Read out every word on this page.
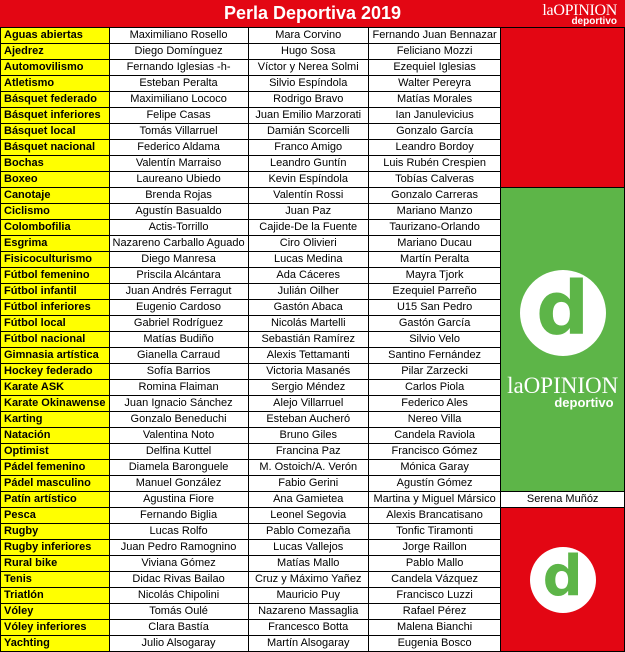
Perla Deportiva 2019	laOPINION
deportivo
Aguas abiertas	Maximiliano Rosello	Mara Corvino	Fernando Juan Bennazar	
Ajedrez	Diego Domínguez	Hugo Sosa	Feliciano Mozzi	
Automovilismo	Fernando Iglesias -h-	Víctor y Nerea Solmi	Ezequiel Iglesias	
Atletismo	Esteban Peralta	Silvio Espíndola	Walter Pereyra	
Básquet federado	Maximiliano Lococo	Rodrigo Bravo	Matías Morales	
Básquet inferiores	Felipe Casas	Juan Emilio Marzorati	Ian Janulevicius	
Básquet local	Tomás Villarruel	Damián Scorcelli	Gonzalo García	
Básquet nacional	Federico Aldama	Franco Amigo	Leandro Bordoy	
Bochas	Valentín Marraiso	Leandro Guntín	Luis Rubén Crespien	
Boxeo	Laureano Ubiedo	Kevin Espíndola	Tobías Calveras	
Canotaje	Brenda Rojas	Valentín Rossi	Gonzalo Carreras	d
laOPINION
deportivo

Ciclismo	Agustín Basualdo	Juan Paz	Mariano Manzo	
Colombofilia	Actis-Torrillo	Cajide-De la Fuente	Taurizano-Orlando	
Esgrima	Nazareno Carballo Aguado	Ciro Olivieri	Mariano Ducau	
Fisicoculturismo	Diego Manresa	Lucas Medina	Martín Peralta	
Fútbol femenino	Priscila Alcántara	Ada Cáceres	Mayra Tjork	
Fútbol infantil	Juan Andrés Ferragut	Julián Oilher	Ezequiel Parreño	
Fútbol inferiores	Eugenio Cardoso	Gastón Abaca	U15 San Pedro	
Fútbol local	Gabriel Rodríguez	Nicolás Martelli	Gastón García	
Fútbol nacional	Matías Budiño	Sebastián Ramírez	Silvio Velo	
Gimnasia artística	Gianella Carraud	Alexis Tettamanti	Santino Fernández	
Hockey federado	Sofía Barrios	Victoria Masanés	Pilar Zarzecki	
Karate ASK	Romina Flaiman	Sergio Méndez	Carlos Piola	
Karate Okinawense	Juan Ignacio Sánchez	Alejo Villarruel	Federico Ales	
Karting	Gonzalo Beneduchi	Esteban Aucheró	Nereo Villa	
Natación	Valentina Noto	Bruno Giles	Candela Raviola	
Optimist	Delfina Kuttel	Francina Paz	Francisco Gómez	
Pádel femenino	Diamela Baronguele	M. Ostoich/A. Verón	Mónica Garay	
Pádel masculino	Manuel González	Fabio Gerini	Agustín Gómez	
Patín artístico	Agustina Fiore	Ana Gamietea	Martina y Miguel Mársico	Serena Muñóz
Pesca	Fernando Biglia	Leonel Segovia	Alexis Brancatisano	d

Rugby	Lucas Rolfo	Pablo Comezaña	Tonfic Tiramonti	
Rugby inferiores	Juan Pedro Ramognino	Lucas Vallejos	Jorge Raillon	
Rural bike	Viviana Gómez	Matías Mallo	Pablo Mallo	
Tenis	Didac Rivas Bailao	Cruz y Máximo Yañez	Candela Vázquez	
Triatlón	Nicolás Chipolini	Mauricio Puy	Francisco Luzzi	
Vóley	Tomás Oulé	Nazareno Massaglia	Rafael Pérez	
Vóley inferiores	Clara Bastía	Francesco Botta	Malena Bianchi	
Yachting	Julio Alsogaray	Martín Alsogaray	Eugenia Bosco	
